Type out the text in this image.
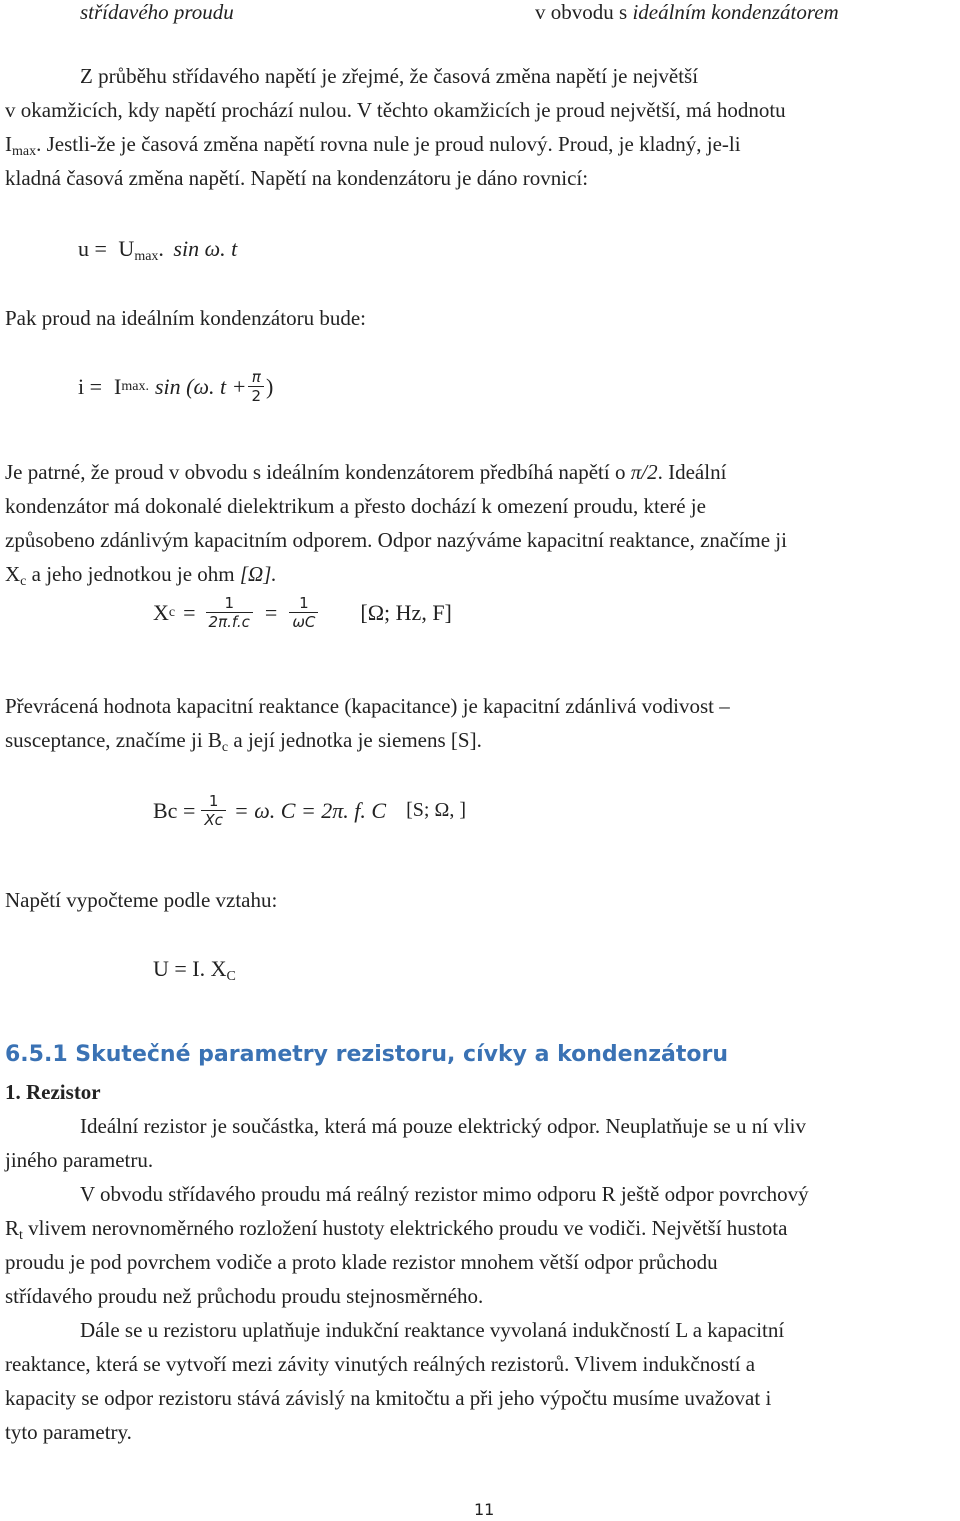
střídavého proudu	v obvodu s ideálním kondenzátorem
Z průběhu střídavého napětí je zřejmé, že časová změna napětí je největší
v okamžicích, kdy napětí prochází nulou. V těchto okamžicích je proud největší, má hodnotu
$I_{max}$. Jestli-že je časová změna napětí rovna nule je proud nulový. Proud, je kladný, je-li
kladná časová změna napětí. Napětí na kondenzátoru je dáno rovnicí:
$u = U_{max}$. sin ω. t
Pak proud na ideálním kondenzátoru bude:
i = I max. sin (ω. $t + \frac{\pi}{2}$ )
Je patrné, že proud v obvodu s ideálním kondenzátorem předbíhá napětí o π/2. Ideální
kondenzátor má dokonalé dielektrikum a přesto dochází k omezení proudu, které je
způsobeno zdánlivým kapacitním odporem. Odpor nazýváme kapacitní reaktance, značíme ji
$X_c$ a jeho jednotkou je ohm [Ω].
X $c = \frac{1}{2\pi.f.c} = \frac{1}{\omega C} [\Omega$; Hz, F]
Převrácená hodnota kapacitní reaktance (kapacitance) je kapacitní zdánlivá vodivost –
susceptance, značíme ji $B_c$ a její jednotka je siemens [S].
$Bc = \frac{1}{Xc} = \omega$. C = 2π. f. C [S; Ω, ]
Napětí vypočteme podle vztahu:
U = I. $X_C$
6.5.1 Skutečné parametry rezistoru, cívky a kondenzátoru
1. Rezistor
Ideální rezistor je součástka, která má pouze elektrický odpor. Neuplatňuje se u ní vliv
jiného parametru.
V obvodu střídavého proudu má reálný rezistor mimo odporu R ještě odpor povrchový
$R_t$ vlivem nerovnoměrného rozložení hustoty elektrického proudu ve vodiči. Největší hustota
proudu je pod povrchem vodiče a proto klade rezistor mnohem větší odpor průchodu
střídavého proudu než průchodu proudu stejnosměrného.
Dále se u rezistoru uplatňuje indukční reaktance vyvolaná indukčností L a kapacitní
reaktance, která se vytvoří mezi závity vinutých reálných rezistorů. Vlivem indukčností a
kapacity se odpor rezistoru stává závislý na kmitočtu a při jeho výpočtu musíme uvažovat i
tyto parametry.
11
